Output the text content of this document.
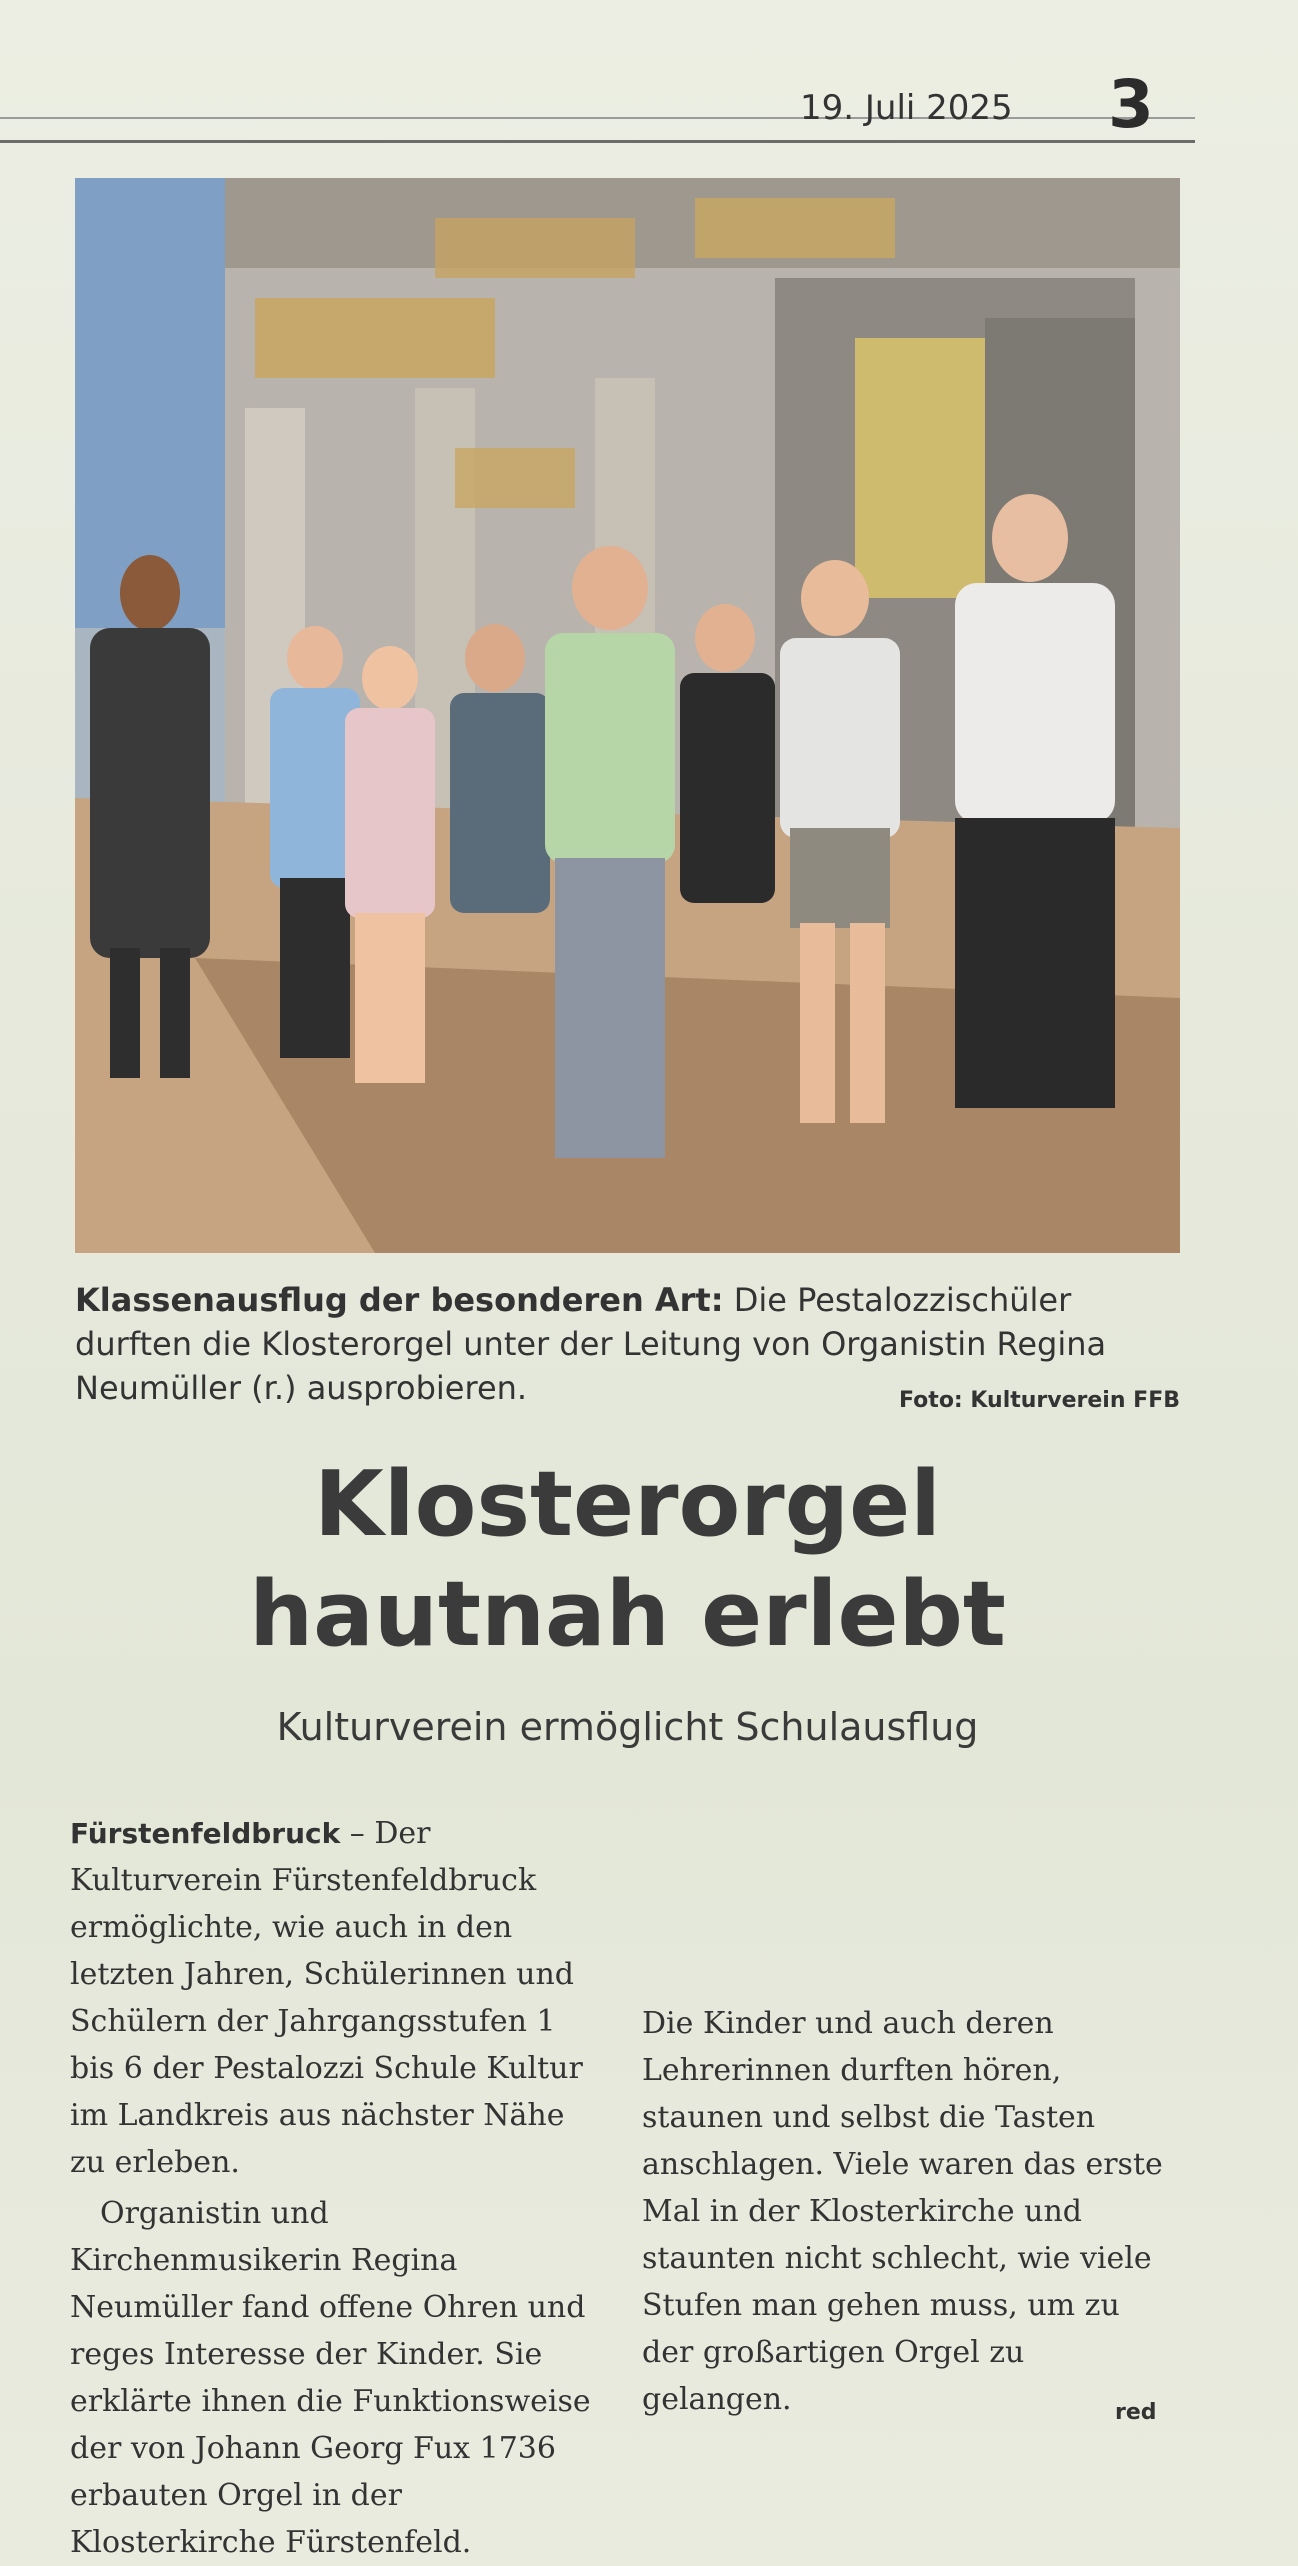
19. Juli 2025 3
Klassenausflug der besonderen Art: Die Pestalozzischüler durften die Klosterorgel unter der Leitung von Organistin Regina Neumüller (r.) ausprobieren.	Foto: Kulturverein FFB
Klosterorgel
hautnah erlebt
Kulturverein ermöglicht Schulausflug

Fürstenfeldbruck – Der Kulturverein Fürstenfeldbruck ermöglichte, wie auch in den letzten Jahren, Schülerinnen und Schülern der Jahrgangsstufen 1 bis 6 der Pestalozzi Schule Kultur im Landkreis aus nächster Nähe zu erleben.

Organistin und Kirchenmusikerin Regina Neumüller fand offene Ohren und reges Interesse der Kinder. Sie erklärte ihnen die Funktionsweise der von Johann Georg Fux 1736 erbauten Orgel in der Klosterkirche Fürstenfeld.

Die Kinder und auch deren Lehrerinnen durften hören, staunen und selbst die Tasten anschlagen. Viele waren das erste Mal in der Klosterkirche und staunten nicht schlecht, wie viele Stufen man gehen muss, um zu der großartigen Orgel zu gelangen.	red
